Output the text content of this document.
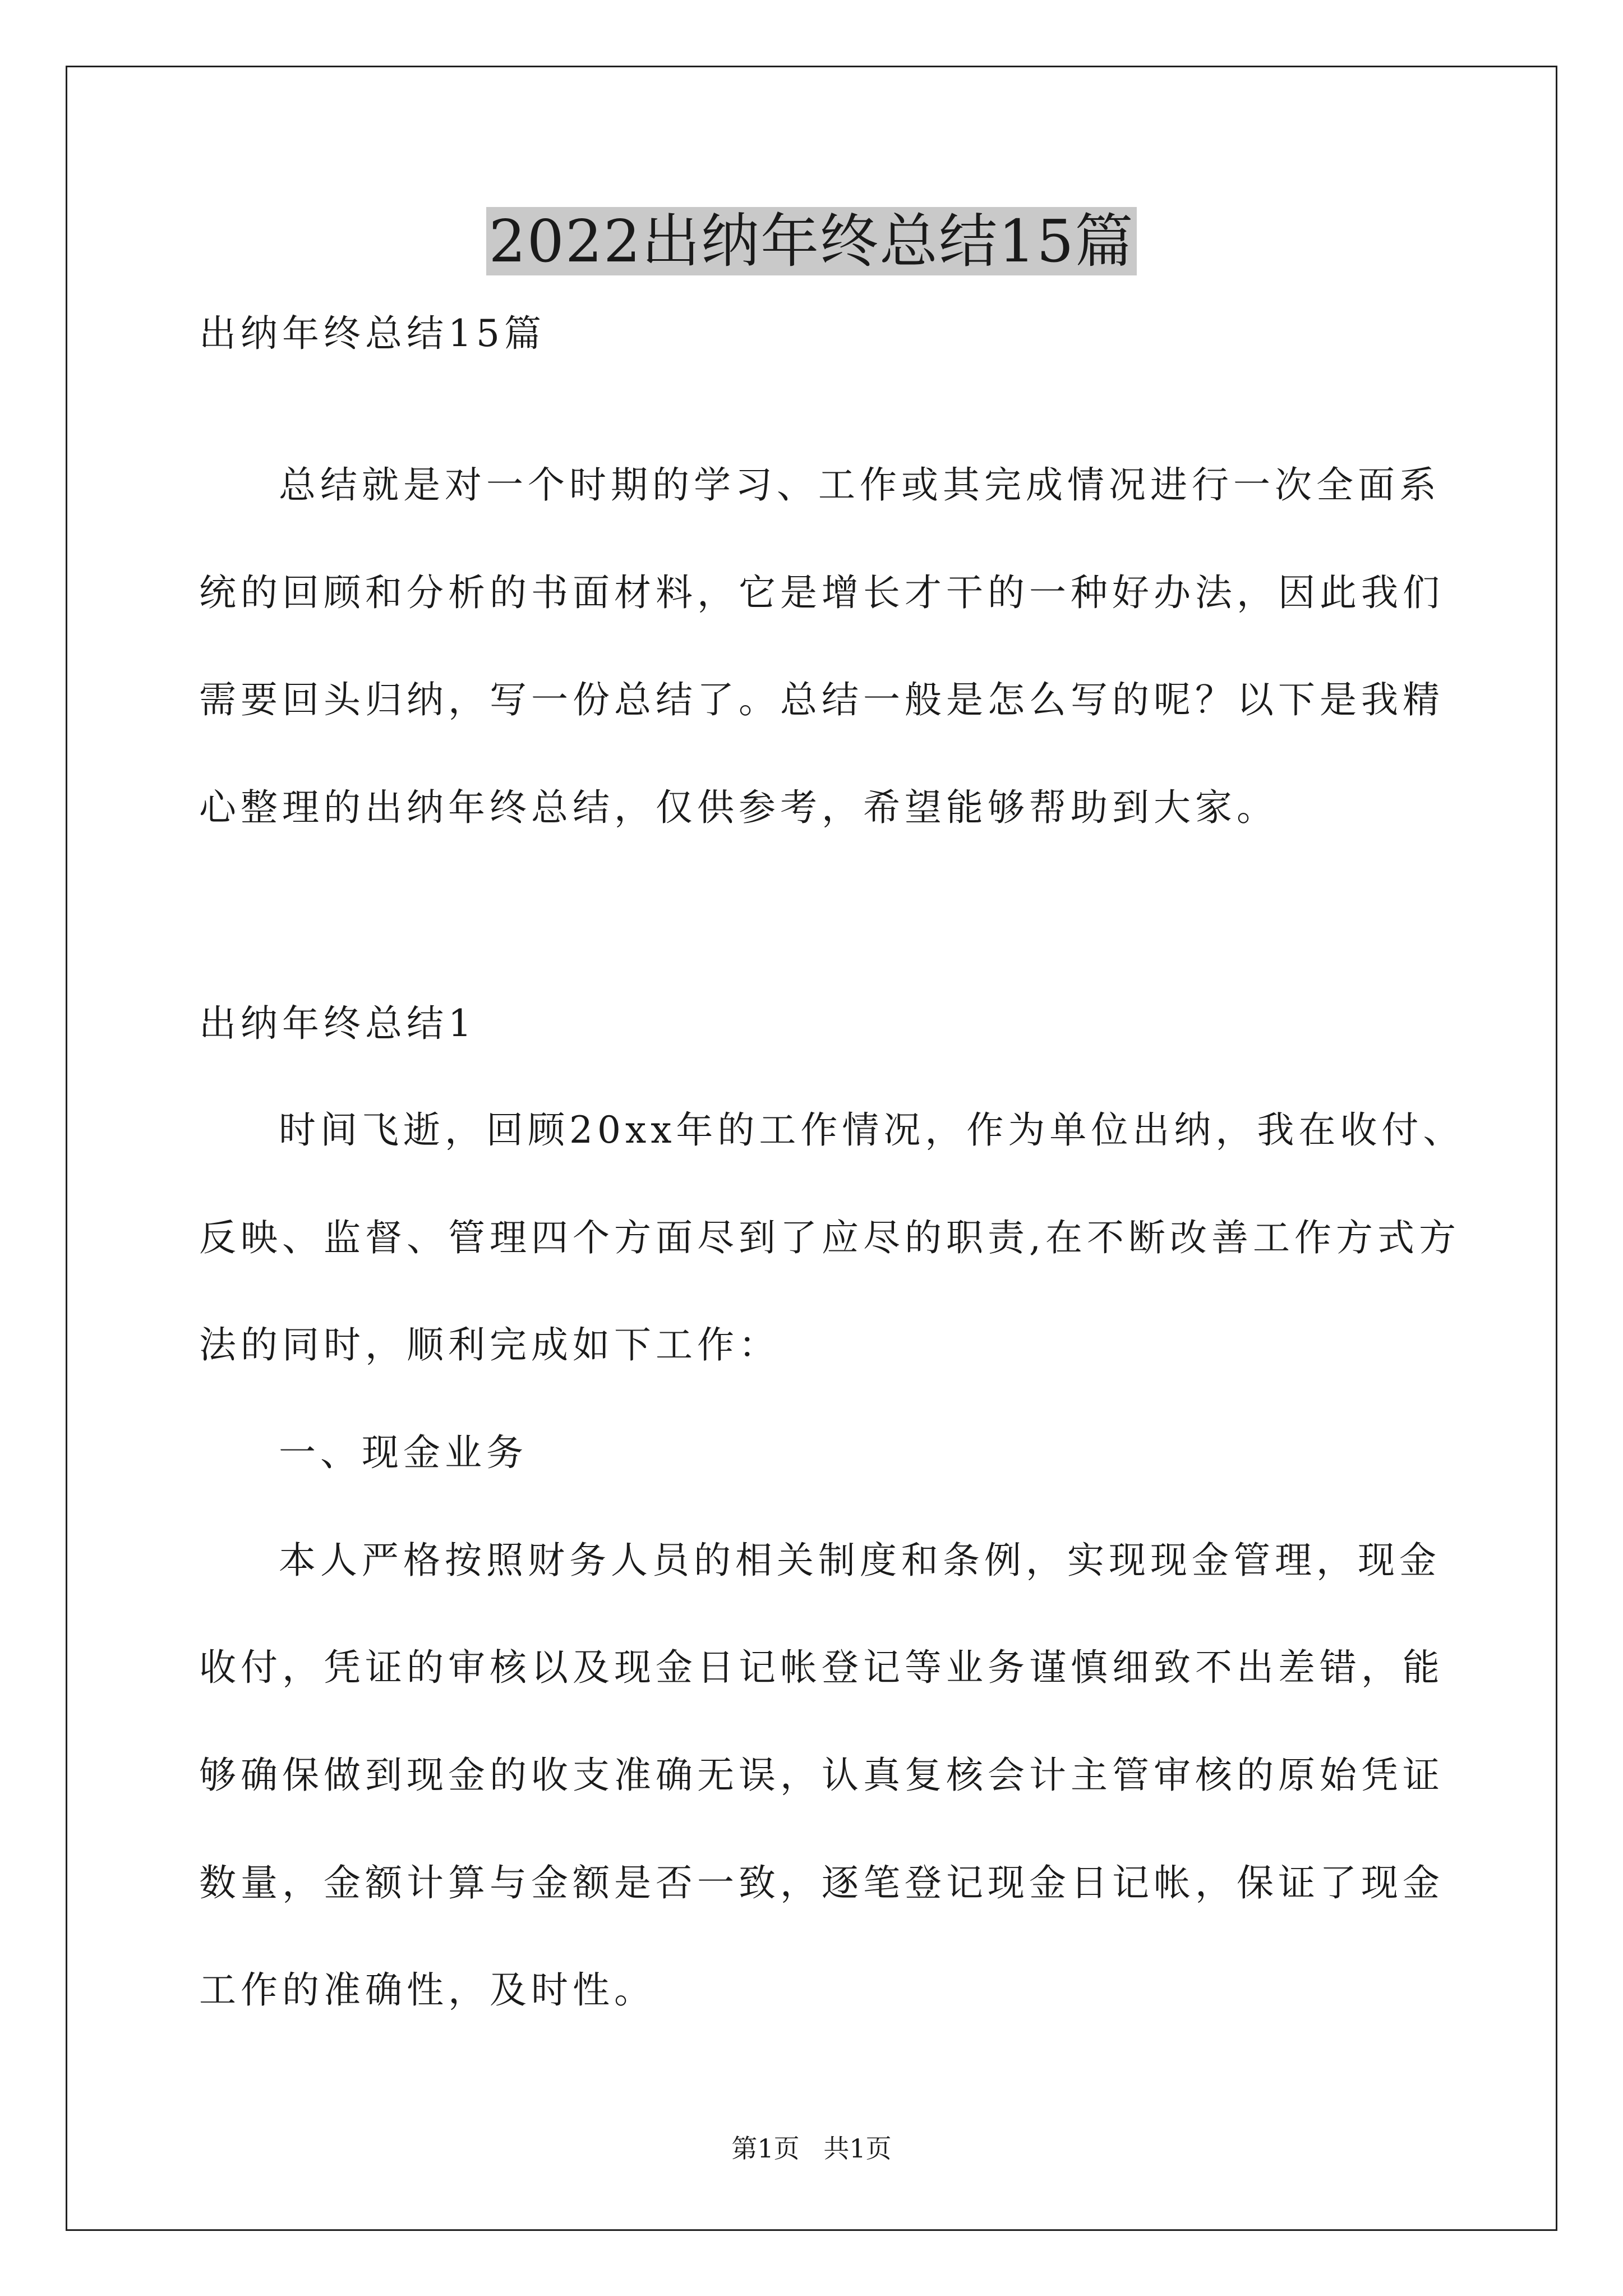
2022出纳年终总结15篇
出纳年终总结15篇
总结就是对一个时期的学习、工作或其完成情况进行一次全面系
统的回顾和分析的书面材料，它是增长才干的一种好办法，因此我们
需要回头归纳，写一份总结了。总结一般是怎么写的呢？以下是我精
心整理的出纳年终总结，仅供参考，希望能够帮助到大家。
出纳年终总结1
时间飞逝，回顾20xx年的工作情况，作为单位出纳，我在收付、
反映、监督、管理四个方面尽到了应尽的职责,在不断改善工作方式方
法的同时，顺利完成如下工作：
一、现金业务
本人严格按照财务人员的相关制度和条例，实现现金管理，现金
收付，凭证的审核以及现金日记帐登记等业务谨慎细致不出差错，能
够确保做到现金的收支准确无误，认真复核会计主管审核的原始凭证
数量，金额计算与金额是否一致，逐笔登记现金日记帐，保证了现金
工作的准确性，及时性。
第1页 共1页
